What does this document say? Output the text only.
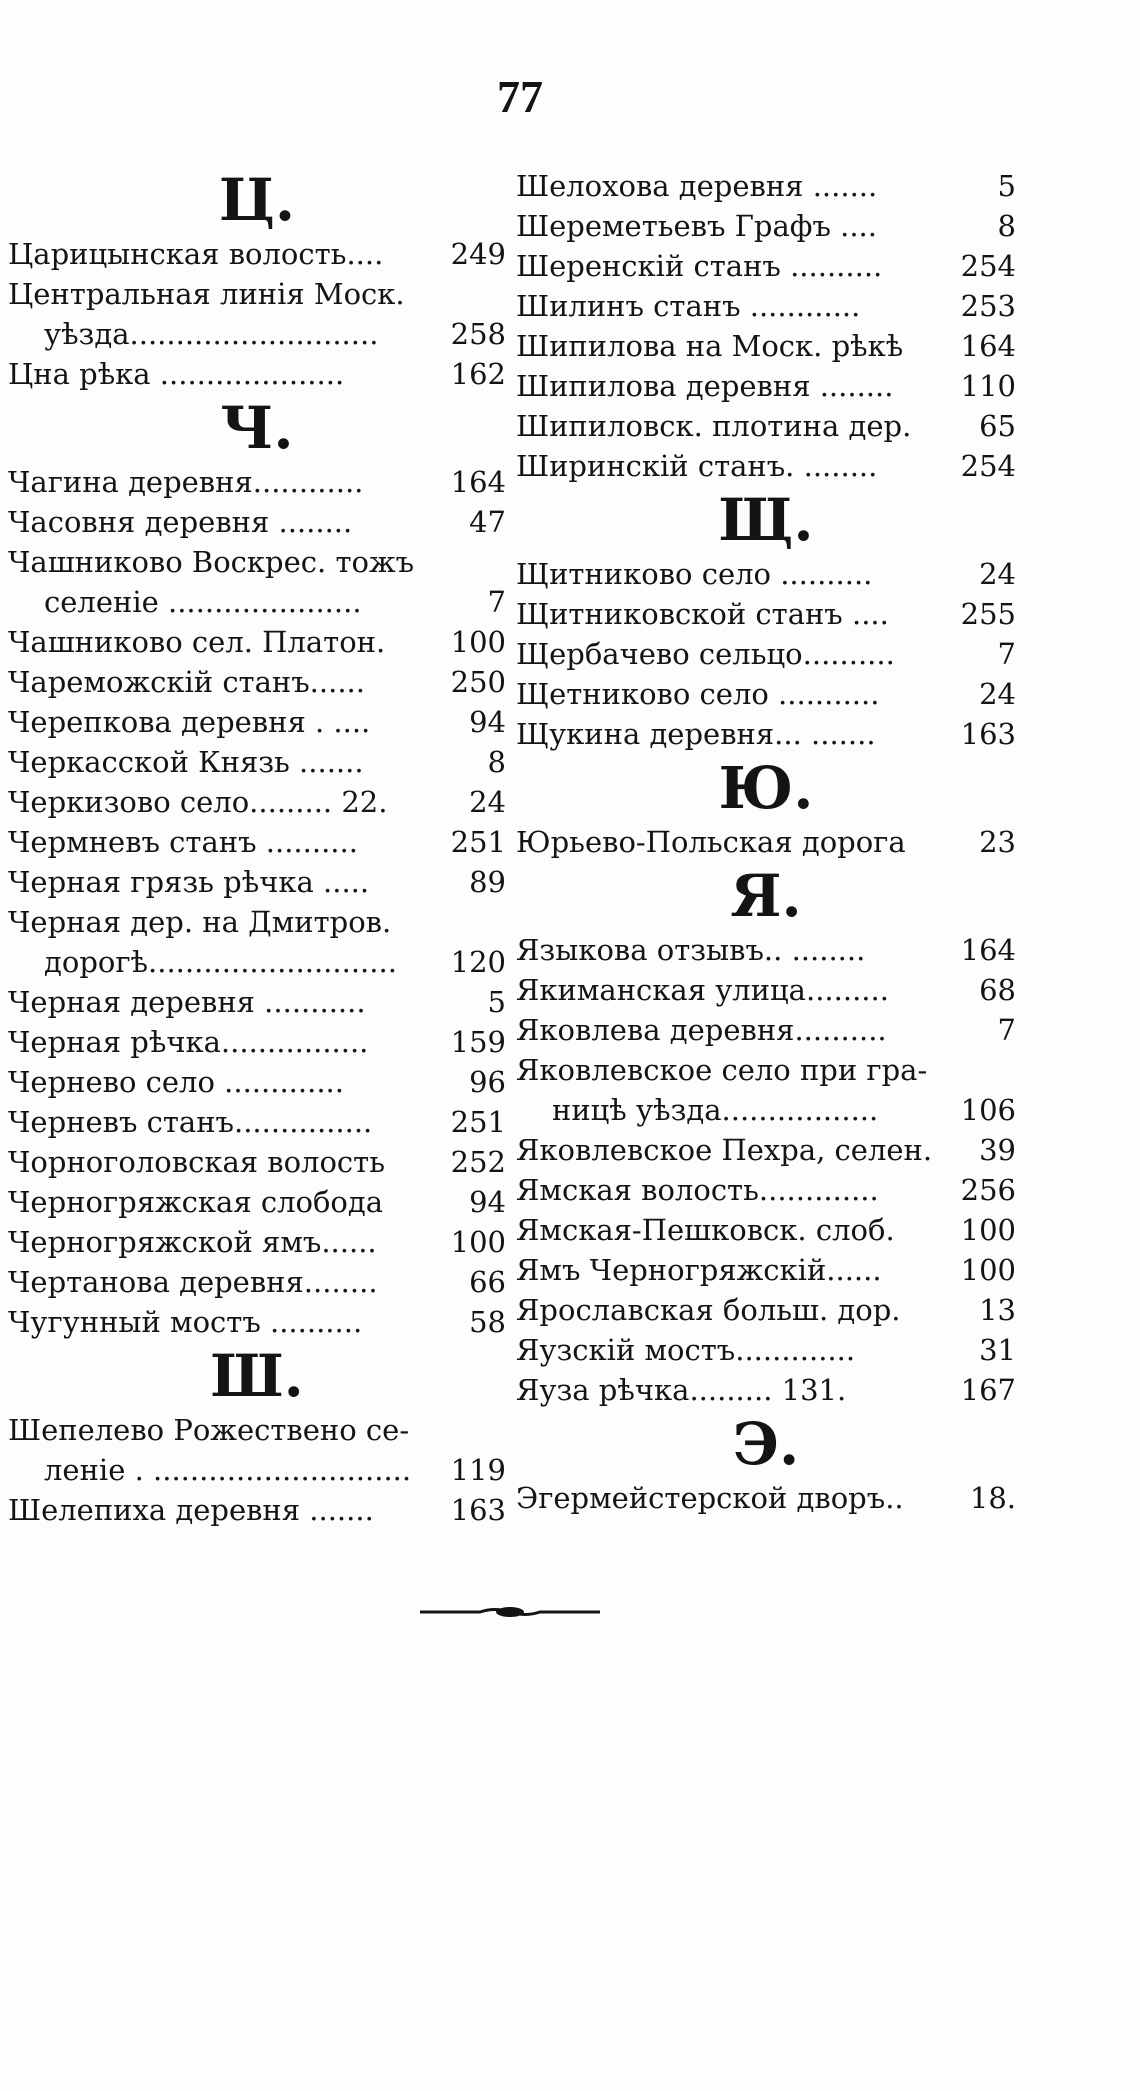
77
Ц.
Царицынская волость.... 249
Центральная линія Моск.
уѣзда........................... 258
Цна рѣка ....................	162
Ч.
Чагина деревня............	164
Часовня деревня ........	47
Чашниково Воскрес. тожъ
селеніе .....................	7
Чашниково сел. Платон. 100
Чареможскій станъ......	250
Черепкова деревня . ....	94
Черкасской Князь .......	8
Черкизово село......... 22.	24
Чермневъ станъ ..........	251
Черная грязь рѣчка .....	89
Черная дер. на Дмитров.
дорогѣ........................... 120
Черная деревня ...........	5
Черная рѣчка................	159
Чернево село .............	96
Черневъ станъ...............	251
Чорноголовская волость 252
Черногряжская слобода	94
Черногряжской ямъ......	100
Чертанова деревня........	66
Чугунный мостъ ..........	58
Ш.
Шепелево Рожествено се-
леніе . ............................ 119
Шелепиха деревня .......	163
Шелохова деревня .......	5
Шереметьевъ Графъ ....	8
Шеренскій станъ ..........	254
Шилинъ станъ ............	253
Шипилова на Моск. рѣкѣ 164
Шипилова деревня ........ 110
Шипиловск. плотина дер. 65
Ширинскій станъ. ........	254
Щ.
Щитниково село ..........	24
Щитниковской станъ .... 255
Щербачево сельцо..........	7
Щетниково село ...........	24
Щукина деревня... .......	163
Ю.
Юрьево-Польская дорога	23
Я.
Языкова отзывъ.. ........	164
Якиманская улица.........	68
Яковлева деревня..........	7
Яковлевское село при гра-
ницѣ уѣзда.................	106
Яковлевское Пехра, селен. 39
Ямская волость.............	256
Ямская-Пешковск. слоб. 100
Ямъ Черногряжскій......	100
Ярославская больш. дор.	13
Яузскій мостъ.............	31
Яуза рѣчка......... 131.	167
Э.
Эгермейстерской дворъ.. 18.
